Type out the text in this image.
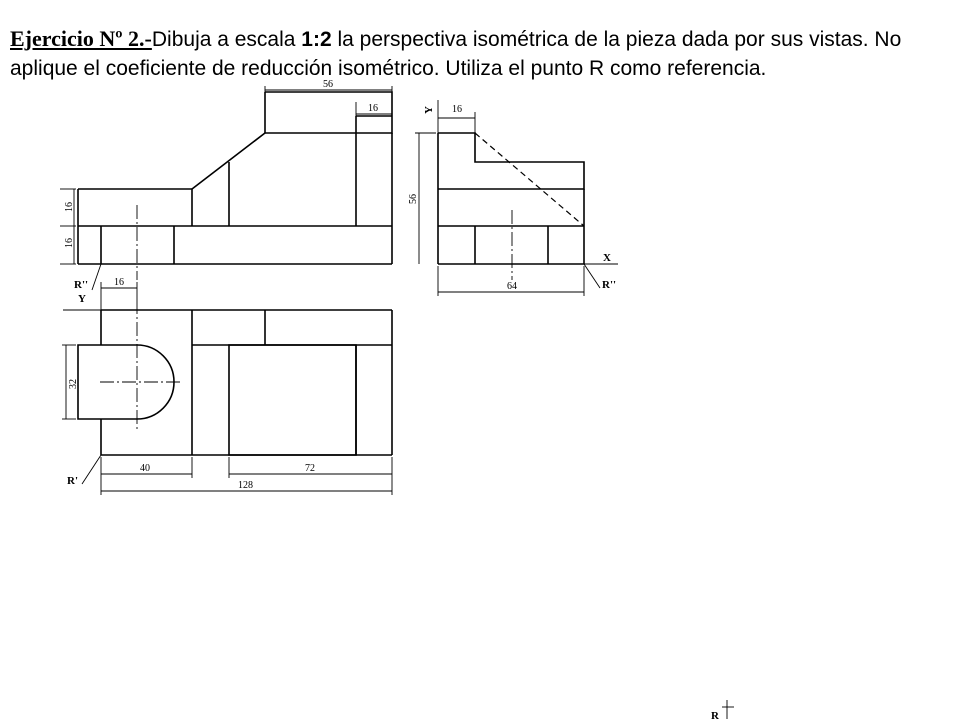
Ejercicio Nº 2.-Dibuja a escala 1:2 la perspectiva isométrica de la pieza dada por sus vistas. No aplique el coeficiente de reducción isométrico. Utiliza el punto R como referencia.
56
16
16
16
R''
Y 16
56
64
X
R''
Y
16
32
40	72
128
R'
R
